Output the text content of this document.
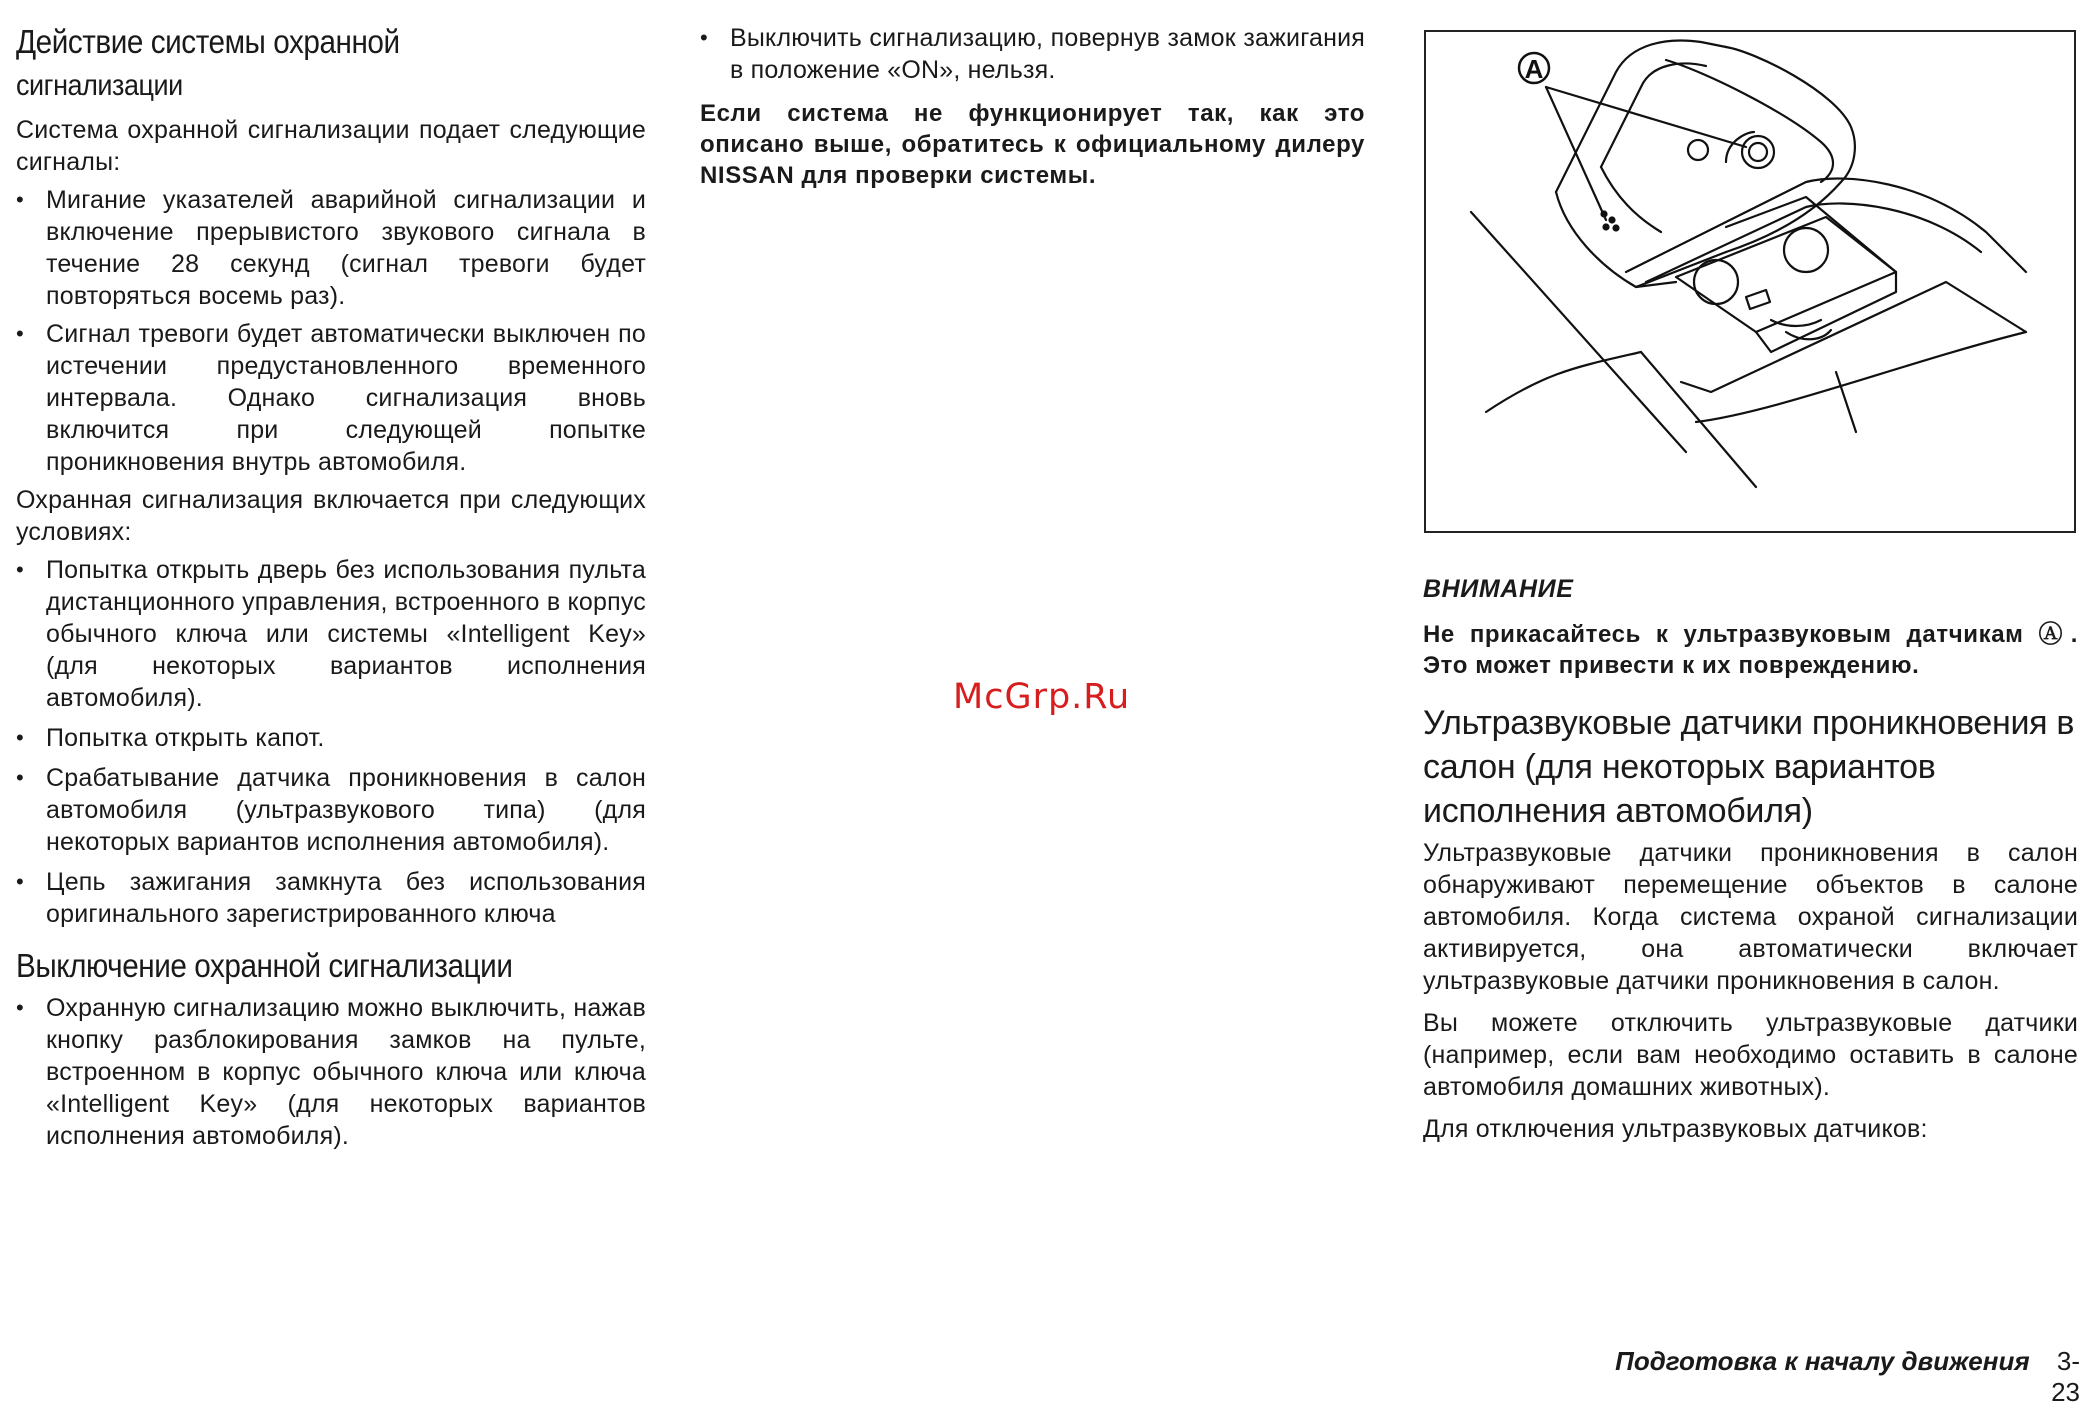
Действие системы охранной
сигнализации

Система охранной сигнализации подает следующие сигналы:

• Мигание указателей аварийной сигнализации и включение прерывистого звукового сигнала в течение 28 секунд (сигнал тревоги будет повторяться восемь раз).
• Сигнал тревоги будет автоматически выключен по истечении предустановленного временного интервала. Однако сигнализация вновь включится при следующей попытке проникновения внутрь автомобиля.

Охранная сигнализация включается при следующих условиях:

• Попытка открыть дверь без использования пульта дистанционного управления, встроенного в корпус обычного ключа или системы «Intelligent Key» (для некоторых вариантов исполнения автомобиля).
• Попытка открыть капот.
• Срабатывание датчика проникновения в салон автомобиля (ультразвукового типа) (для некоторых вариантов исполнения автомобиля).
• Цепь зажигания замкнута без использования оригинального зарегистрированного ключа
Выключение охранной сигнализации
• Охранную сигнализацию можно выключить, нажав кнопку разблокирования замков на пульте, встроенном в корпус обычного ключа или ключа «Intelligent Key» (для некоторых вариантов исполнения автомобиля).
• Выключить сигнализацию, повернув замок зажигания в положение «ON», нельзя.

Если система не функционирует так, как это описано выше, обратитесь к официальному дилеру NISSAN для проверки системы.

A
ВНИМАНИЕ

Не прикасайтесь к ультразвуковым датчикам Ⓐ. Это может привести к их повреждению.

Ультразвуковые датчики проникновения в салон (для некоторых вариантов исполнения автомобиля)

Ультразвуковые датчики проникновения в салон обнаруживают перемещение объектов в салоне автомобиля. Когда система охраной сигнализации активируется, она автоматически включает ультразвуковые датчики проникновения в салон.

Вы можете отключить ультразвуковые датчики (например, если вам необходимо оставить в салоне автомобиля домашних животных).

Для отключения ультразвуковых датчиков:

McGrp.Ru
Подготовка к началу движения 3-23
